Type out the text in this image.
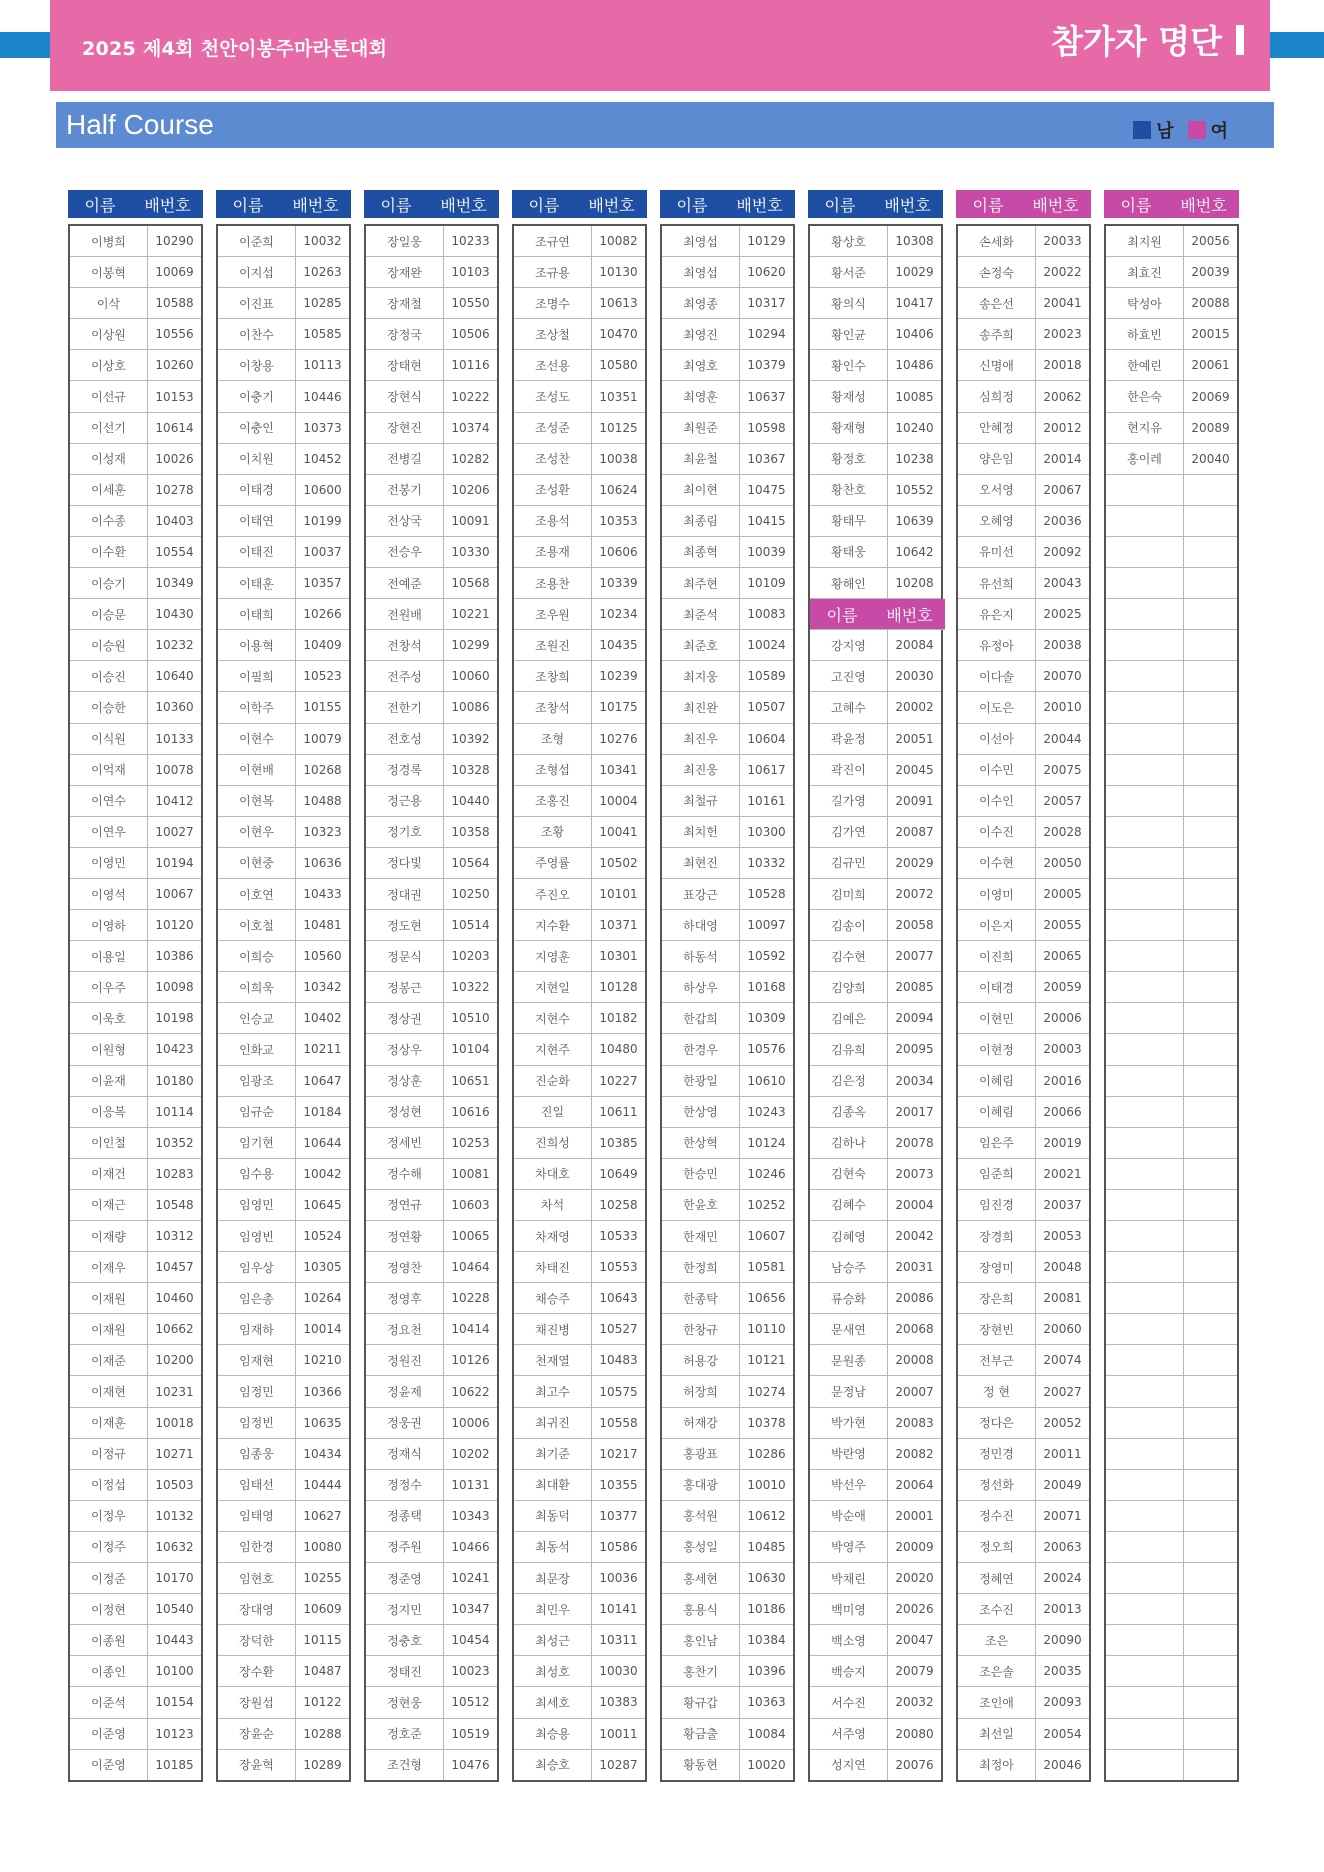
2025 제4회 천안이봉주마라톤대회	참가자 명단
Half Course	남 여
이름	배번호
이병희	10290
이봉혁	10069
이삭	10588
이상원	10556
이상호	10260
이선규	10153
이선기	10614
이성재	10026
이세훈	10278
이수종	10403
이수환	10554
이승기	10349
이승문	10430
이승원	10232
이승진	10640
이승한	10360
이식원	10133
이억재	10078
이연수	10412
이연우	10027
이영민	10194
이영석	10067
이영하	10120
이용일	10386
이우주	10098
이욱호	10198
이원형	10423
이윤재	10180
이응복	10114
이인철	10352
이재건	10283
이재근	10548
이재량	10312
이재우	10457
이재원	10460
이재원	10662
이재준	10200
이재현	10231
이재훈	10018
이정규	10271
이정섭	10503
이정우	10132
이정주	10632
이정준	10170
이정현	10540
이종원	10443
이종인	10100
이준석	10154
이준영	10123
이준영	10185
이름	배번호
이준희	10032
이지섭	10263
이진표	10285
이찬수	10585
이창용	10113
이충기	10446
이충인	10373
이치원	10452
이태경	10600
이태연	10199
이태진	10037
이태훈	10357
이태희	10266
이용혁	10409
이필희	10523
이학주	10155
이현수	10079
이현배	10268
이현복	10488
이현우	10323
이현중	10636
이호연	10433
이호철	10481
이희승	10560
이희욱	10342
인승교	10402
인화교	10211
임광조	10647
임규순	10184
임기현	10644
임수용	10042
임영민	10645
임영빈	10524
임우상	10305
임은총	10264
임재하	10014
임재현	10210
임정민	10366
임정빈	10635
임종웅	10434
임태선	10444
임태영	10627
임한경	10080
임현호	10255
장대영	10609
장덕한	10115
장수환	10487
장원섭	10122
장윤순	10288
장윤혁	10289
이름	배번호
장일웅	10233
장재완	10103
장재철	10550
장정국	10506
장태현	10116
장현식	10222
장현진	10374
전병길	10282
전봉기	10206
전상국	10091
전승우	10330
전예준	10568
전원배	10221
전창석	10299
전주성	10060
전한기	10086
전호성	10392
정경록	10328
정근용	10440
정기호	10358
정다빛	10564
정대권	10250
정도현	10514
정문식	10203
정봉근	10322
정상권	10510
정상우	10104
정상훈	10651
정성현	10616
정세빈	10253
정수해	10081
정연규	10603
정연황	10065
정영찬	10464
정영후	10228
정요천	10414
정원진	10126
정윤제	10622
정웅권	10006
정재식	10202
정정수	10131
정종택	10343
정주원	10466
정준영	10241
정지민	10347
정충호	10454
정태진	10023
정현웅	10512
정호준	10519
조건형	10476
이름	배번호
조규연	10082
조규용	10130
조명수	10613
조상철	10470
조선용	10580
조성도	10351
조성준	10125
조성찬	10038
조성환	10624
조용석	10353
조용재	10606
조용찬	10339
조우원	10234
조원진	10435
조창희	10239
조창석	10175
조형	10276
조형섭	10341
조홍진	10004
조황	10041
주영률	10502
주진오	10101
지수환	10371
지영훈	10301
지현일	10128
지현수	10182
지현주	10480
진순화	10227
진일	10611
진희성	10385
차대호	10649
차석	10258
차재영	10533
차태진	10553
채승주	10643
채진병	10527
천재열	10483
최고수	10575
최귀진	10558
최기준	10217
최대환	10355
최동덕	10377
최동석	10586
최문장	10036
최민우	10141
최성근	10311
최성호	10030
최세호	10383
최승용	10011
최승호	10287
이름	배번호
최영섭	10129
최영섭	10620
최영종	10317
최영진	10294
최영호	10379
최영훈	10637
최원준	10598
최윤철	10367
최이현	10475
최종림	10415
최종혁	10039
최주현	10109
최준석	10083
최준호	10024
최지웅	10589
최진완	10507
최진우	10604
최진웅	10617
최철규	10161
최치헌	10300
최현진	10332
표강근	10528
하대영	10097
하동석	10592
하상우	10168
한갑희	10309
한경우	10576
한광일	10610
한상영	10243
한상혁	10124
한승민	10246
한윤호	10252
한재민	10607
한정희	10581
한종탁	10656
한창규	10110
허용강	10121
허장희	10274
허재강	10378
홍광표	10286
홍대광	10010
홍석원	10612
홍성일	10485
홍세현	10630
홍용식	10186
홍인남	10384
홍찬기	10396
황규갑	10363
황금출	10084
황동현	10020
이름	배번호
황상호	10308
황서준	10029
황의식	10417
황인균	10406
황인수	10486
황재성	10085
황재형	10240
황정호	10238
황찬호	10552
황태무	10639
황태웅	10642
황해인	10208
이름	배번호
강지영	20084
고진영	20030
고혜수	20002
곽윤정	20051
곽진이	20045
길가영	20091
김가연	20087
김규민	20029
김미희	20072
김송이	20058
김수현	20077
김양희	20085
김예은	20094
김유희	20095
김은정	20034
김종옥	20017
김하나	20078
김현숙	20073
김혜수	20004
김혜영	20042
남승주	20031
류승화	20086
문새연	20068
문원종	20008
문정남	20007
박가현	20083
박란영	20082
박선우	20064
박순애	20001
박영주	20009
박채린	20020
백미영	20026
백소영	20047
백승지	20079
서수진	20032
서주영	20080
성지연	20076
이름	배번호
손세화	20033
손정숙	20022
송은선	20041
송주희	20023
신명애	20018
심희정	20062
안혜정	20012
양은임	20014
오서영	20067
오혜영	20036
유미선	20092
유선희	20043
유은지	20025
유정아	20038
이다솔	20070
이도은	20010
이선아	20044
이수민	20075
이수인	20057
이수진	20028
이수현	20050
이영미	20005
이은지	20055
이진희	20065
이태경	20059
이현민	20006
이현정	20003
이혜림	20016
이혜림	20066
임은주	20019
임준희	20021
임진경	20037
장경희	20053
장영미	20048
장은희	20081
장현빈	20060
전부근	20074
정 현	20027
정다은	20052
정민경	20011
정선화	20049
정수진	20071
정오희	20063
정혜연	20024
조수진	20013
조은	20090
조은솔	20035
조인애	20093
최선일	20054
최정아	20046
이름	배번호
최지원	20056
최효진	20039
탁성아	20088
하효빈	20015
한예린	20061
한은숙	20069
현지유	20089
홍이레	20040
